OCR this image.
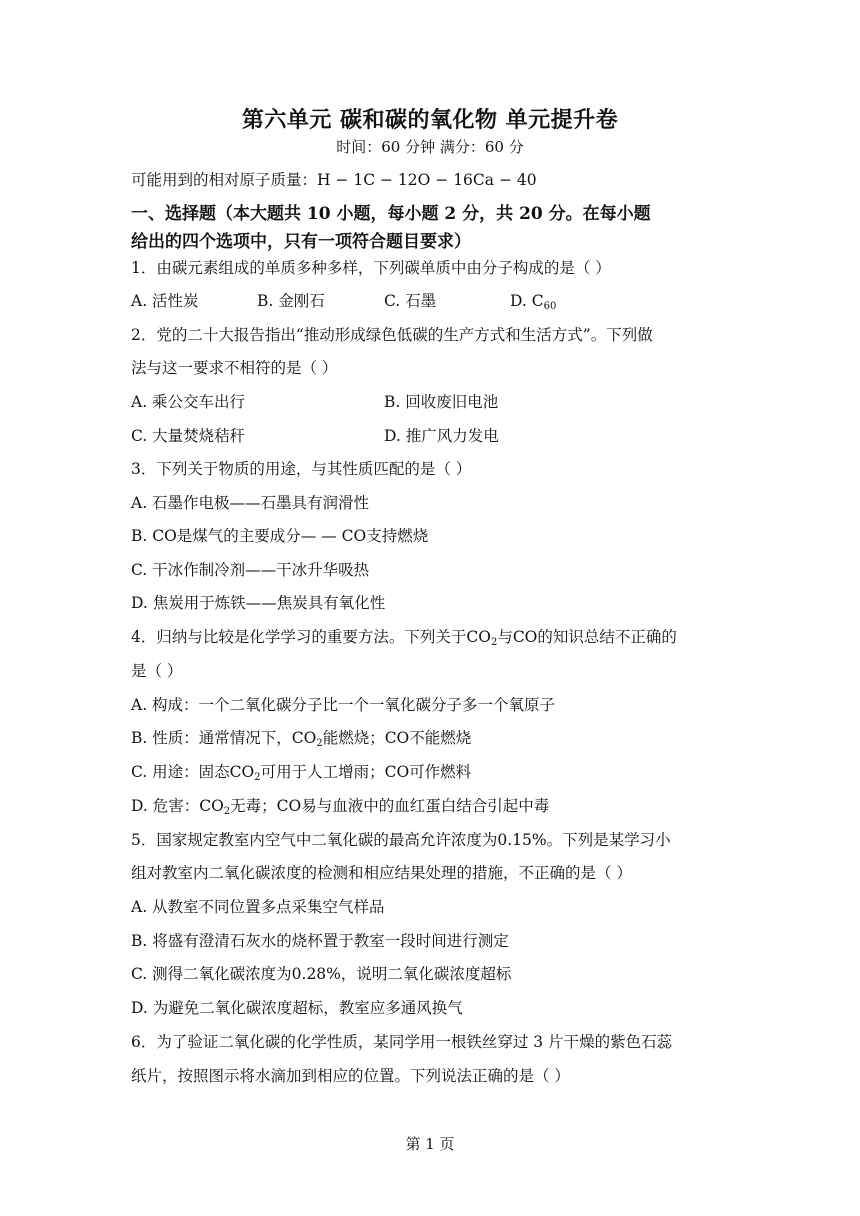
第六单元 碳和碳的氧化物 单元提升卷
时间：60 分钟 满分：60 分
可能用到的相对原子质量：H − 1C − 12O − 16Ca − 40
一、选择题（本大题共 10 小题，每小题 2 分，共 20 分。在每小题
给出的四个选项中，只有一项符合题目要求）
1．由碳元素组成的单质多种多样，下列碳单质中由分子构成的是（ ）
A. 活性炭	B. 金刚石	C. 石墨	D. $C_{60}$
2．党的二十大报告指出“推动形成绿色低碳的生产方式和生活方式”。下列做
法与这一要求不相符的是（ ）
A. 乘公交车出行	B. 回收废旧电池
C. 大量焚烧秸秆	D. 推广风力发电
3．下列关于物质的用途，与其性质匹配的是（ ）
A. 石墨作电极——石墨具有润滑性
B. CO是煤气的主要成分— — CO支持燃烧
C. 干冰作制冷剂——干冰升华吸热
D. 焦炭用于炼铁——焦炭具有氧化性
4．归纳与比较是化学学习的重要方法。下列关于$CO_2$与CO的知识总结不正确的
是（ ）
A. 构成：一个二氧化碳分子比一个一氧化碳分子多一个氧原子
B. 性质：通常情况下，$CO_2$能燃烧；CO不能燃烧
C. 用途：固态$CO_2$可用于人工增雨；CO可作燃料
D. 危害：$CO_2$无毒；CO易与血液中的血红蛋白结合引起中毒
5．国家规定教室内空气中二氧化碳的最高允许浓度为0.15%。下列是某学习小
组对教室内二氧化碳浓度的检测和相应结果处理的措施，不正确的是（ ）
A. 从教室不同位置多点采集空气样品
B. 将盛有澄清石灰水的烧杯置于教室一段时间进行测定
C. 测得二氧化碳浓度为0.28%，说明二氧化碳浓度超标
D. 为避免二氧化碳浓度超标，教室应多通风换气
6．为了验证二氧化碳的化学性质，某同学用一根铁丝穿过 3 片干燥的紫色石蕊
纸片，按照图示将水滴加到相应的位置。下列说法正确的是（ ）
第 1 页
